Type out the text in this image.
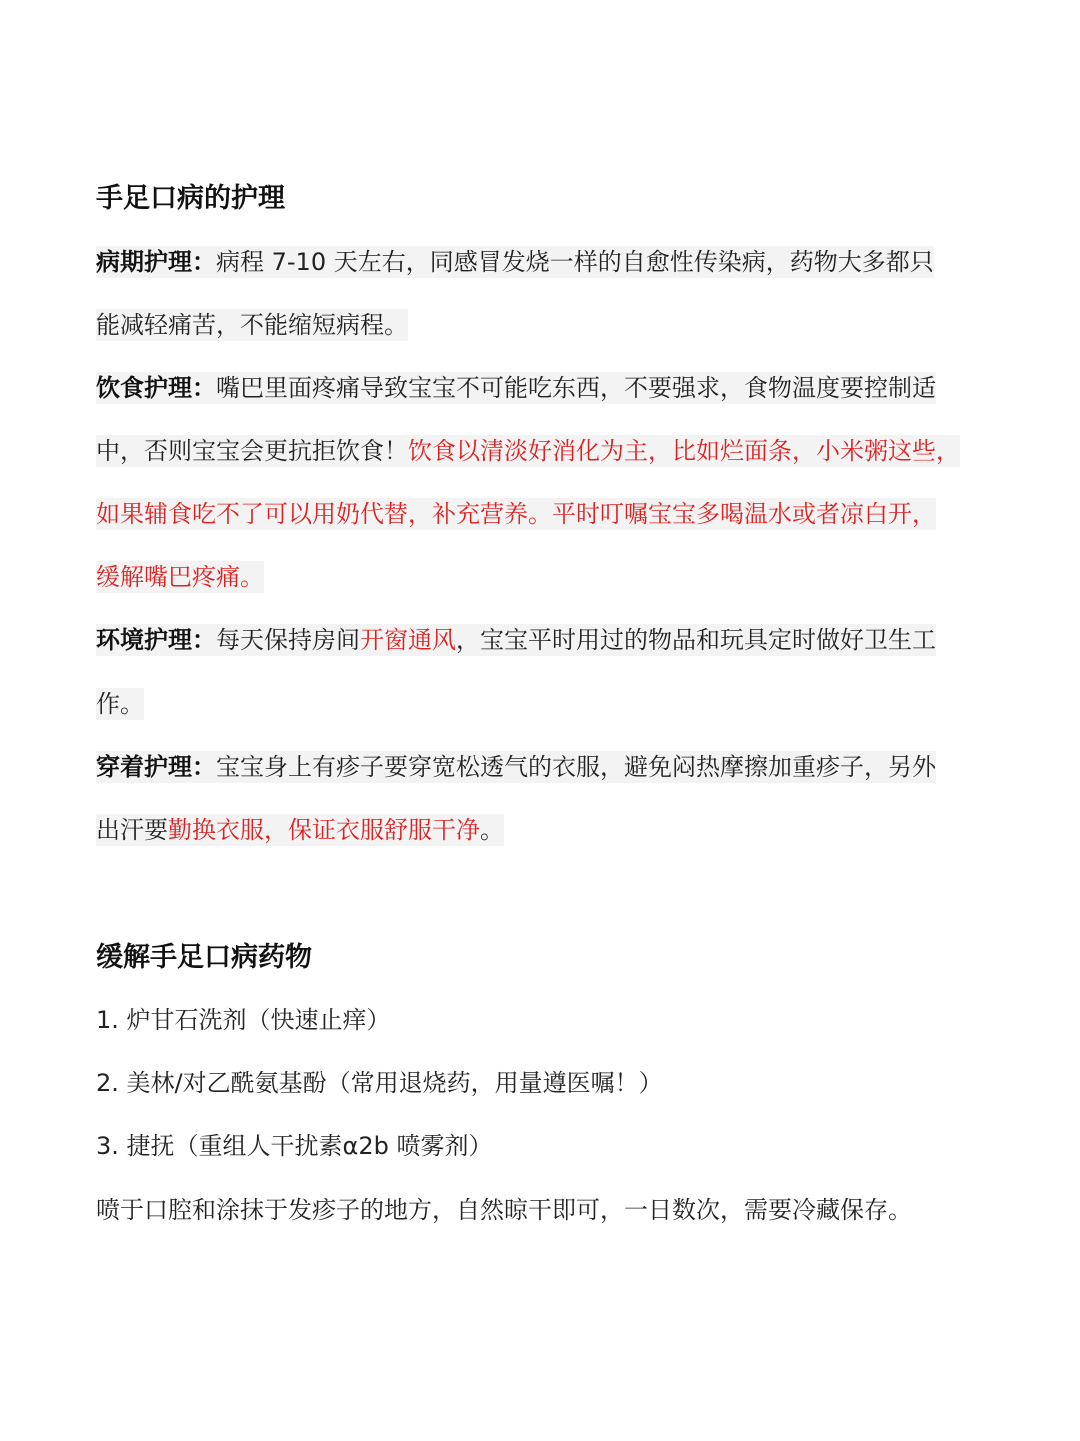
手足口病的护理
病期护理：病程 7-10 天左右，同感冒发烧一样的自愈性传染病，药物大多都只
能减轻痛苦，不能缩短病程。
饮食护理：嘴巴里面疼痛导致宝宝不可能吃东西，不要强求，食物温度要控制适
中，否则宝宝会更抗拒饮食！饮食以清淡好消化为主，比如烂面条，小米粥这些，
如果辅食吃不了可以用奶代替，补充营养。平时叮嘱宝宝多喝温水或者凉白开，
缓解嘴巴疼痛。
环境护理：每天保持房间开窗通风，宝宝平时用过的物品和玩具定时做好卫生工
作。
穿着护理：宝宝身上有疹子要穿宽松透气的衣服，避免闷热摩擦加重疹子，另外
出汗要勤换衣服，保证衣服舒服干净。
缓解手足口病药物
1. 炉甘石洗剂（快速止痒）
2. 美林/对乙酰氨基酚（常用退烧药，用量遵医嘱！）
3. 捷抚（重组人干扰素α2b 喷雾剂）
喷于口腔和涂抹于发疹子的地方，自然晾干即可，一日数次，需要冷藏保存。
